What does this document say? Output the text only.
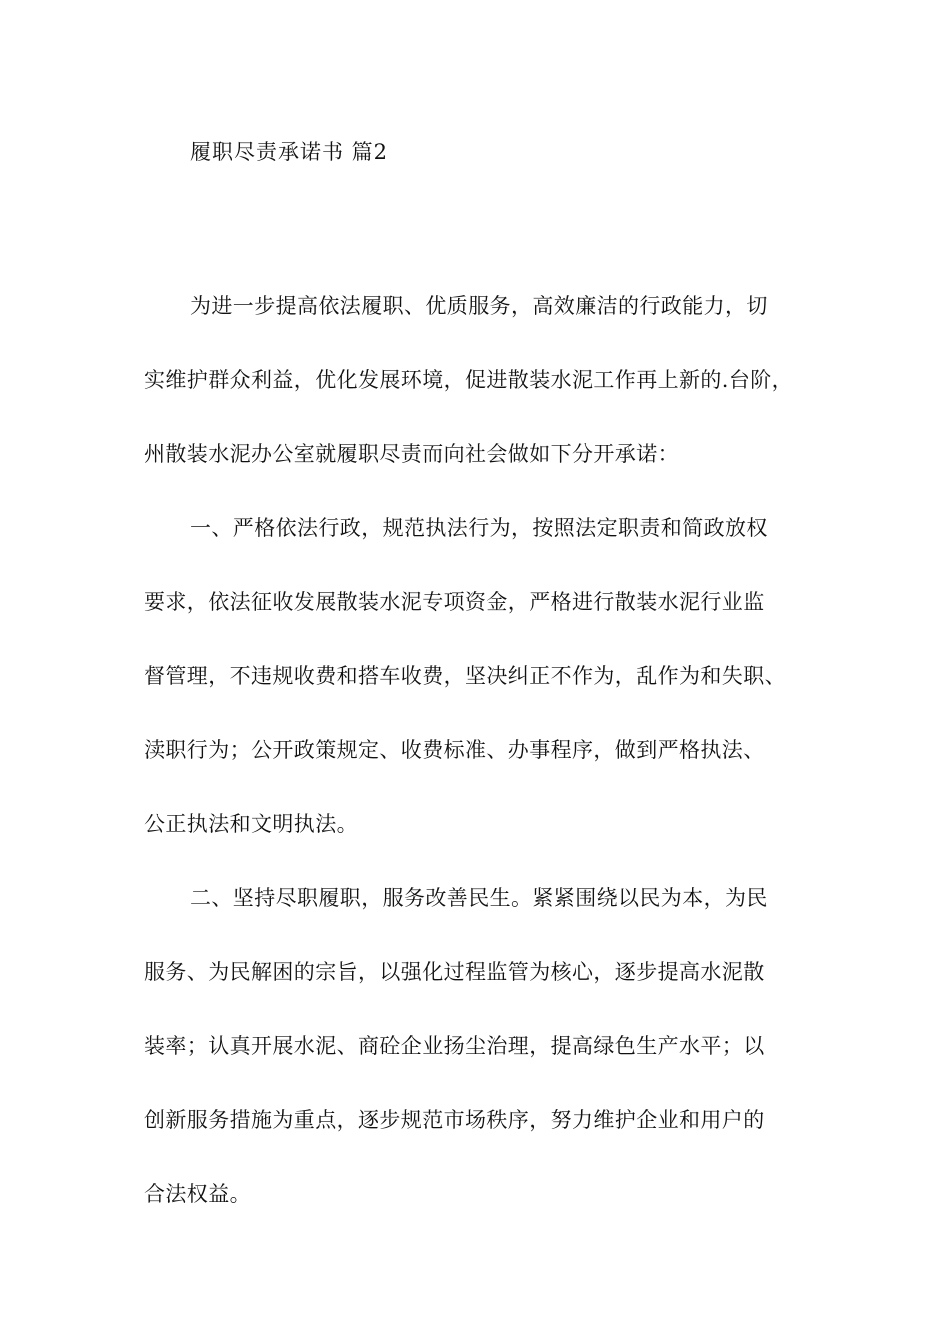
履职尽责承诺书 篇2
为进一步提高依法履职、优质服务，高效廉洁的行政能力，切
实维护群众利益，优化发展环境，促进散装水泥工作再上新的.台阶，
州散装水泥办公室就履职尽责而向社会做如下分开承诺：
一、严格依法行政，规范执法行为，按照法定职责和简政放权
要求，依法征收发展散装水泥专项资金，严格进行散装水泥行业监
督管理，不违规收费和搭车收费，坚决纠正不作为，乱作为和失职、
渎职行为；公开政策规定、收费标准、办事程序，做到严格执法、
公正执法和文明执法。
二、坚持尽职履职，服务改善民生。紧紧围绕以民为本，为民
服务、为民解困的宗旨，以强化过程监管为核心，逐步提高水泥散
装率；认真开展水泥、商砼企业扬尘治理，提高绿色生产水平；以
创新服务措施为重点，逐步规范市场秩序，努力维护企业和用户的
合法权益。
